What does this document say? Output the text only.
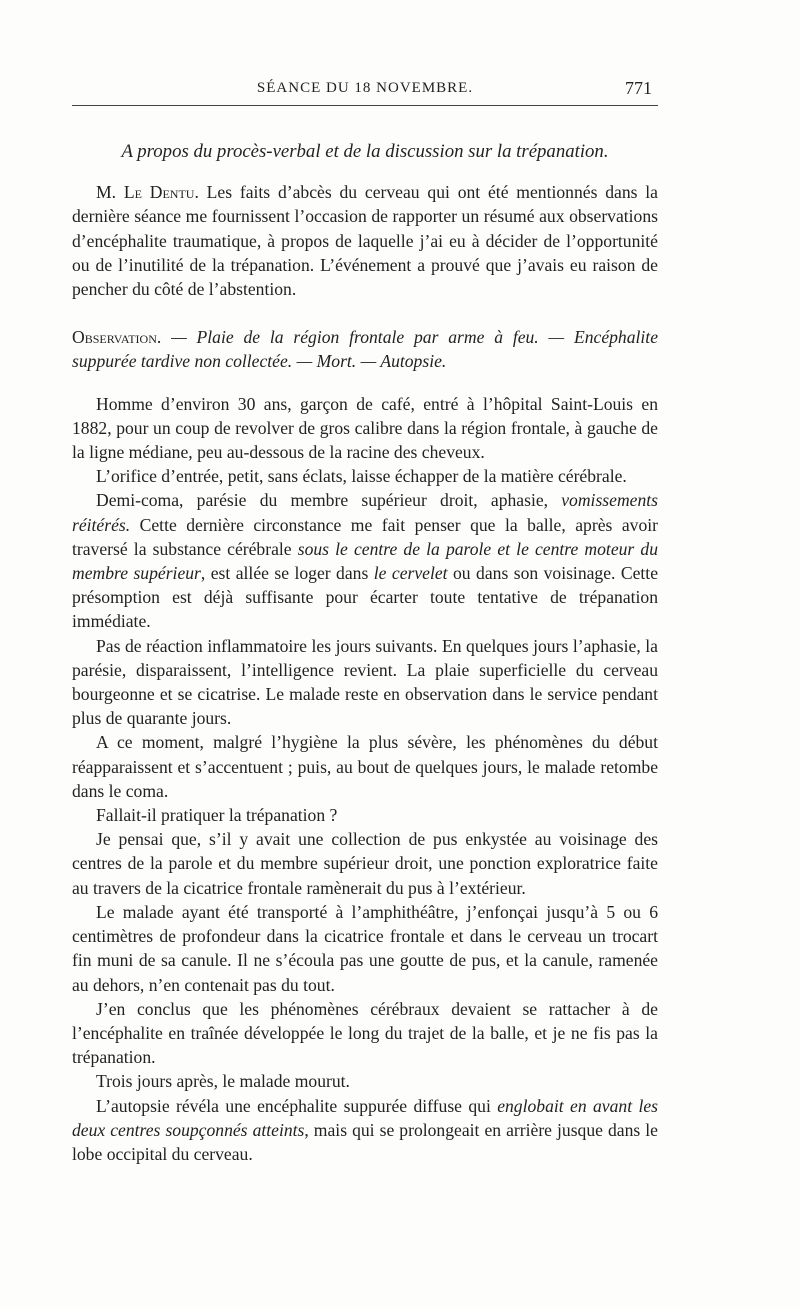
SÉANCE DU 18 NOVEMBRE.	771

A propos du procès-verbal et de la discussion sur la trépanation.

M. Le Dentu. Les faits d’abcès du cerveau qui ont été mentionnés dans la dernière séance me fournissent l’occasion de rapporter un résumé aux observations d’encéphalite traumatique, à propos de laquelle j’ai eu à décider de l’opportunité ou de l’inutilité de la trépanation. L’événement a prouvé que j’avais eu raison de pencher du côté de l’abstention.

Observation. — Plaie de la région frontale par arme à feu. — Encéphalite suppurée tardive non collectée. — Mort. — Autopsie.

Homme d’environ 30 ans, garçon de café, entré à l’hôpital Saint-Louis en 1882, pour un coup de revolver de gros calibre dans la région frontale, à gauche de la ligne médiane, peu au-dessous de la racine des cheveux.

L’orifice d’entrée, petit, sans éclats, laisse échapper de la matière cérébrale.

Demi-coma, parésie du membre supérieur droit, aphasie, vomissements réitérés. Cette dernière circonstance me fait penser que la balle, après avoir traversé la substance cérébrale sous le centre de la parole et le centre moteur du membre supérieur, est allée se loger dans le cervelet ou dans son voisinage. Cette présomption est déjà suffisante pour écarter toute tentative de trépanation immédiate.

Pas de réaction inflammatoire les jours suivants. En quelques jours l’aphasie, la parésie, disparaissent, l’intelligence revient. La plaie superficielle du cerveau bourgeonne et se cicatrise. Le malade reste en observation dans le service pendant plus de quarante jours.

A ce moment, malgré l’hygiène la plus sévère, les phénomènes du début réapparaissent et s’accentuent ; puis, au bout de quelques jours, le malade retombe dans le coma.

Fallait-il pratiquer la trépanation ?

Je pensai que, s’il y avait une collection de pus enkystée au voisinage des centres de la parole et du membre supérieur droit, une ponction exploratrice faite au travers de la cicatrice frontale ramènerait du pus à l’extérieur.

Le malade ayant été transporté à l’amphithéâtre, j’enfonçai jusqu’à 5 ou 6 centimètres de profondeur dans la cicatrice frontale et dans le cerveau un trocart fin muni de sa canule. Il ne s’écoula pas une goutte de pus, et la canule, ramenée au dehors, n’en contenait pas du tout.

J’en conclus que les phénomènes cérébraux devaient se rattacher à de l’encéphalite en traînée développée le long du trajet de la balle, et je ne fis pas la trépanation.

Trois jours après, le malade mourut.

L’autopsie révéla une encéphalite suppurée diffuse qui englobait en avant les deux centres soupçonnés atteints, mais qui se prolongeait en arrière jusque dans le lobe occipital du cerveau.
